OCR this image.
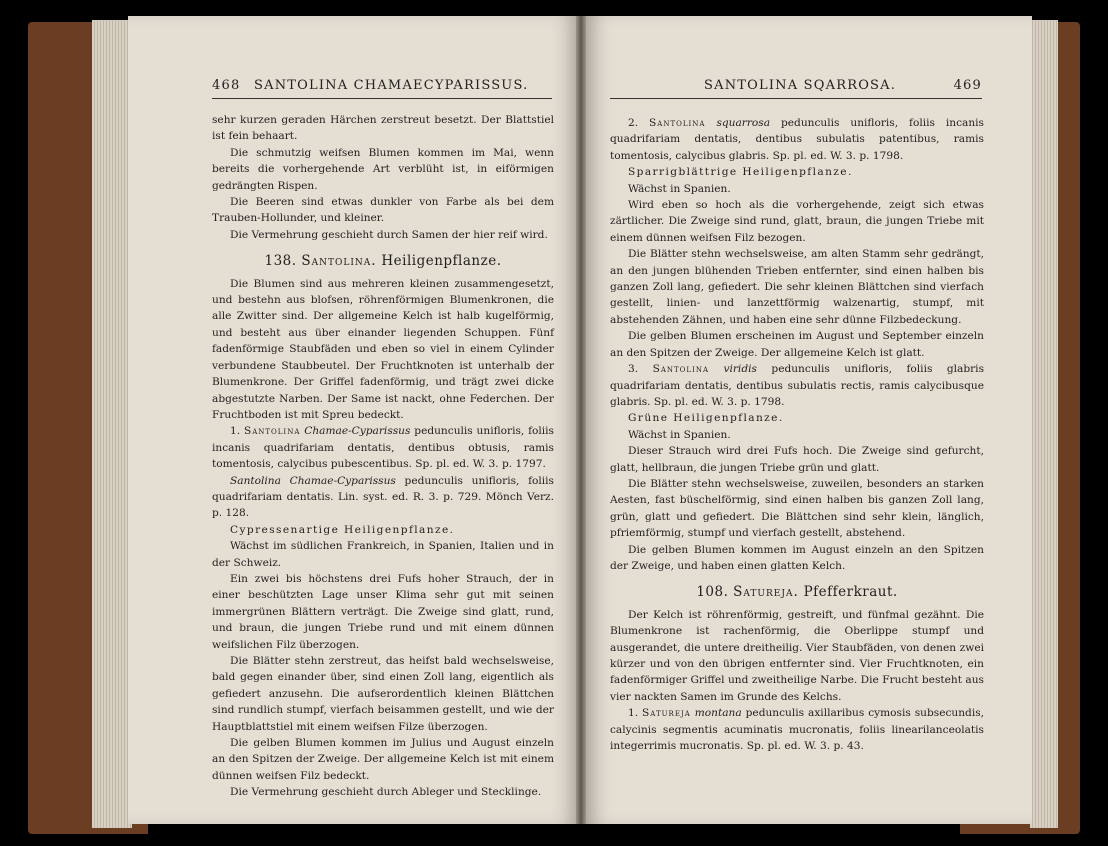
468 SANTOLINA CHAMAECYPARISSUS.

sehr kurzen geraden Härchen zerstreut besetzt. Der Blattstiel ist fein behaart.

Die schmutzig weifsen Blumen kommen im Mai, wenn bereits die vorhergehende Art verblüht ist, in eiförmigen gedrängten Rispen.

Die Beeren sind etwas dunkler von Farbe als bei dem Trauben-Hollunder, und kleiner.

Die Vermehrung geschieht durch Samen der hier reif wird.

138. Santolina. Heiligenpflanze.

Die Blumen sind aus mehreren kleinen zusammengesetzt, und bestehn aus blofsen, röhrenförmigen Blumenkronen, die alle Zwitter sind. Der allgemeine Kelch ist halb kugelförmig, und besteht aus über einander liegenden Schuppen. Fünf fadenförmige Staubfäden und eben so viel in einem Cylinder verbundene Staubbeutel. Der Fruchtknoten ist unterhalb der Blumenkrone. Der Griffel fadenförmig, und trägt zwei dicke abgestutzte Narben. Der Same ist nackt, ohne Federchen. Der Fruchtboden ist mit Spreu bedeckt.

1. Santolina Chamae-Cyparissus pedunculis unifloris, foliis incanis quadrifariam dentatis, dentibus obtusis, ramis tomentosis, calycibus pubescentibus. Sp. pl. ed. W. 3. p. 1797.

Santolina Chamae-Cyparissus pedunculis unifloris, foliis quadrifariam dentatis. Lin. syst. ed. R. 3. p. 729. Mönch Verz. p. 128.

Cypressenartige Heiligenpflanze.

Wächst im südlichen Frankreich, in Spanien, Italien und in der Schweiz.

Ein zwei bis höchstens drei Fufs hoher Strauch, der in einer beschützten Lage unser Klima sehr gut mit seinen immergrünen Blättern verträgt. Die Zweige sind glatt, rund, und braun, die jungen Triebe rund und mit einem dünnen weifslichen Filz überzogen.

Die Blätter stehn zerstreut, das heifst bald wechselsweise, bald gegen einander über, sind einen Zoll lang, eigentlich als gefiedert anzusehn. Die aufserordentlich kleinen Blättchen sind rundlich stumpf, vierfach beisammen gestellt, und wie der Hauptblattstiel mit einem weifsen Filze überzogen.

Die gelben Blumen kommen im Julius und August einzeln an den Spitzen der Zweige. Der allgemeine Kelch ist mit einem dünnen weifsen Filz bedeckt.

Die Vermehrung geschieht durch Ableger und Stecklinge.

SANTOLINA SQARROSA.	469

2. Santolina squarrosa pedunculis unifloris, foliis incanis quadrifariam dentatis, dentibus subulatis patentibus, ramis tomentosis, calycibus glabris. Sp. pl. ed. W. 3. p. 1798.

Sparrigblättrige Heiligenpflanze.

Wächst in Spanien.

Wird eben so hoch als die vorhergehende, zeigt sich etwas zärtlicher. Die Zweige sind rund, glatt, braun, die jungen Triebe mit einem dünnen weifsen Filz bezogen.

Die Blätter stehn wechselsweise, am alten Stamm sehr gedrängt, an den jungen blühenden Trieben entfernter, sind einen halben bis ganzen Zoll lang, gefiedert. Die sehr kleinen Blättchen sind vierfach gestellt, linien- und lanzettförmig walzenartig, stumpf, mit abstehenden Zähnen, und haben eine sehr dünne Filzbedeckung.

Die gelben Blumen erscheinen im August und September einzeln an den Spitzen der Zweige. Der allgemeine Kelch ist glatt.

3. Santolina viridis pedunculis unifloris, foliis glabris quadrifariam dentatis, dentibus subulatis rectis, ramis calycibusque glabris. Sp. pl. ed. W. 3. p. 1798.

Grüne Heiligenpflanze.

Wächst in Spanien.

Dieser Strauch wird drei Fufs hoch. Die Zweige sind gefurcht, glatt, hellbraun, die jungen Triebe grün und glatt.

Die Blätter stehn wechselsweise, zuweilen, besonders an starken Aesten, fast büschelförmig, sind einen halben bis ganzen Zoll lang, grün, glatt und gefiedert. Die Blättchen sind sehr klein, länglich, pfriemförmig, stumpf und vierfach gestellt, abstehend.

Die gelben Blumen kommen im August einzeln an den Spitzen der Zweige, und haben einen glatten Kelch.

108. Satureja. Pfefferkraut.

Der Kelch ist röhrenförmig, gestreift, und fünfmal gezähnt. Die Blumenkrone ist rachenförmig, die Oberlippe stumpf und ausgerandet, die untere dreitheilig. Vier Staubfäden, von denen zwei kürzer und von den übrigen entfernter sind. Vier Fruchtknoten, ein fadenförmiger Griffel und zweitheilige Narbe. Die Frucht besteht aus vier nackten Samen im Grunde des Kelchs.

1. Satureja montana pedunculis axillaribus cymosis subsecundis, calycinis segmentis acuminatis mucronatis, foliis linearilanceolatis integerrimis mucronatis. Sp. pl. ed. W. 3. p. 43.
